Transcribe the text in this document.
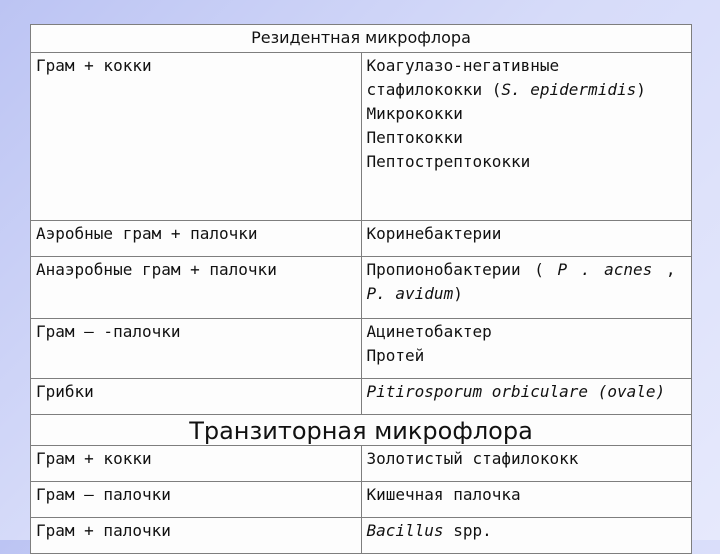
Резидентная микрофлора	
Грам + кокки	Коагулазо-негативные
стафилококки (S. epidermidis)
Микрококки
Пептококки
Пептострептококки

Аэробные грам + палочки	Коринебактерии

Анаэробные грам + палочки	Пропионобактерии ( P . acnes ,
P. avidum)

Грам – -палочки	Ацинетобактер
Протей

Грибки	Pitirosporum orbiculare (ovale)

Транзиторная микрофлора	
Грам + кокки	Золотистый стафилококк

Грам – палочки	Кишечная палочка

Грам + палочки	Bacillus spp.
